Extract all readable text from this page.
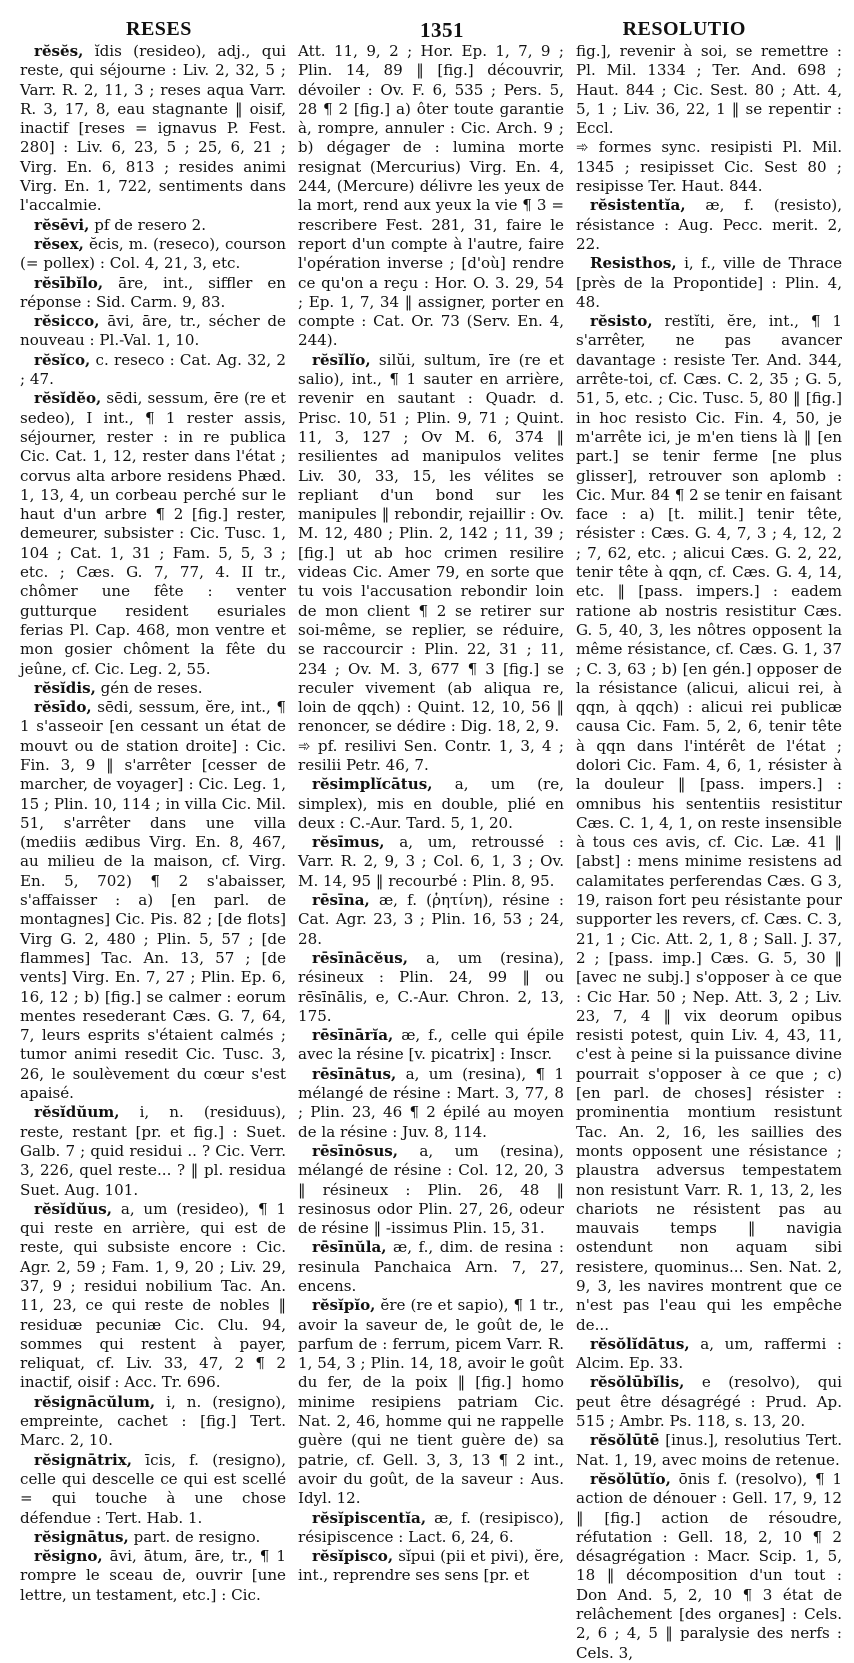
RESES	1351	RESOLUTIO

rĕsĕs, ĭdis (resideo), adj., qui reste, qui séjourne : Liv. 2, 32, 5 ; Varr. R. 2, 11, 3 ; reses aqua Varr. R. 3, 17, 8, eau stagnante ‖ oisif, inactif [reses = ignavus P. Fest. 280] : Liv. 6, 23, 5 ; 25, 6, 21 ; Virg. En. 6, 813 ; resides animi Virg. En. 1, 722, sentiments dans l'accalmie.

rĕsēvi, pf de resero 2.

rĕsex, ĕcis, m. (reseco), courson (= pollex) : Col. 4, 21, 3, etc.

rĕsībĭlo, āre, int., siffler en réponse : Sid. Carm. 9, 83.

rĕsicco, āvi, āre, tr., sécher de nouveau : Pl.-Val. 1, 10.

rĕsĭco, c. reseco : Cat. Ag. 32, 2 ; 47.

rĕsĭdĕo, sēdi, sessum, ēre (re et sedeo), I int., ¶ 1 rester assis, séjourner, rester : in re publica Cic. Cat. 1, 12, rester dans l'état ; corvus alta arbore residens Phæd. 1, 13, 4, un corbeau perché sur le haut d'un arbre ¶ 2 [fig.] rester, demeurer, subsister : Cic. Tusc. 1, 104 ; Cat. 1, 31 ; Fam. 5, 5, 3 ; etc. ; Cæs. G. 7, 77, 4. II tr., chômer une fête : venter gutturque resident esuriales ferias Pl. Cap. 468, mon ventre et mon gosier chôment la fête du jeûne, cf. Cic. Leg. 2, 55.

rĕsĭdis, gén de reses.

rĕsīdo, sēdi, sessum, ĕre, int., ¶ 1 s'asseoir [en cessant un état de mouvt ou de station droite] : Cic. Fin. 3, 9 ‖ s'arrêter [cesser de marcher, de voyager] : Cic. Leg. 1, 15 ; Plin. 10, 114 ; in villa Cic. Mil. 51, s'arrêter dans une villa (mediis ædibus Virg. En. 8, 467, au milieu de la maison, cf. Virg. En. 5, 702) ¶ 2 s'abaisser, s'affaisser : a) [en parl. de montagnes] Cic. Pis. 82 ; [de flots] Virg G. 2, 480 ; Plin. 5, 57 ; [de flammes] Tac. An. 13, 57 ; [de vents] Virg. En. 7, 27 ; Plin. Ep. 6, 16, 12 ; b) [fig.] se calmer : eorum mentes resederant Cæs. G. 7, 64, 7, leurs esprits s'étaient calmés ; tumor animi resedit Cic. Tusc. 3, 26, le soulèvement du cœur s'est apaisé.

rĕsĭdŭum, i, n. (residuus), reste, restant [pr. et fig.] : Suet. Galb. 7 ; quid residui .. ? Cic. Verr. 3, 226, quel reste... ? ‖ pl. residua Suet. Aug. 101.

rĕsĭdŭus, a, um (resideo), ¶ 1 qui reste en arrière, qui est de reste, qui subsiste encore : Cic. Agr. 2, 59 ; Fam. 1, 9, 20 ; Liv. 29, 37, 9 ; residui nobilium Tac. An. 11, 23, ce qui reste de nobles ‖ residuæ pecuniæ Cic. Clu. 94, sommes qui restent à payer, reliquat, cf. Liv. 33, 47, 2 ¶ 2 inactif, oisif : Acc. Tr. 696.

rĕsignācŭlum, i, n. (resigno), empreinte, cachet : [fig.] Tert. Marc. 2, 10.

rĕsignātrix, īcis, f. (resigno), celle qui descelle ce qui est scellé = qui touche à une chose défendue : Tert. Hab. 1.

rĕsignātus, part. de resigno.

rĕsigno, āvi, ātum, āre, tr., ¶ 1 rompre le sceau de, ouvrir [une lettre, un testament, etc.] : Cic.

Att. 11, 9, 2 ; Hor. Ep. 1, 7, 9 ; Plin. 14, 89 ‖ [fig.] découvrir, dévoiler : Ov. F. 6, 535 ; Pers. 5, 28 ¶ 2 [fig.] a) ôter toute garantie à, rompre, annuler : Cic. Arch. 9 ; b) dégager de : lumina morte resignat (Mercurius) Virg. En. 4, 244, (Mercure) délivre les yeux de la mort, rend aux yeux la vie ¶ 3 = rescribere Fest. 281, 31, faire le report d'un compte à l'autre, faire l'opération inverse ; [d'où] rendre ce qu'on a reçu : Hor. O. 3. 29, 54 ; Ep. 1, 7, 34 ‖ assigner, porter en compte : Cat. Or. 73 (Serv. En. 4, 244).

rĕsĭlĭo, silŭi, sultum, īre (re et salio), int., ¶ 1 sauter en arrière, revenir en sautant : Quadr. d. Prisc. 10, 51 ; Plin. 9, 71 ; Quint. 11, 3, 127 ; Ov M. 6, 374 ‖ resilientes ad manipulos velites Liv. 30, 33, 15, les vélites se repliant d'un bond sur les manipules ‖ rebondir, rejaillir : Ov. M. 12, 480 ; Plin. 2, 142 ; 11, 39 ; [fig.] ut ab hoc crimen resilire videas Cic. Amer 79, en sorte que tu vois l'accusation rebondir loin de mon client ¶ 2 se retirer sur soi-même, se replier, se réduire, se raccourcir : Plin. 22, 31 ; 11, 234 ; Ov. M. 3, 677 ¶ 3 [fig.] se reculer vivement (ab aliqua re, loin de qqch) : Quint. 12, 10, 56 ‖ renoncer, se dédire : Dig. 18, 2, 9.

➾ pf. resilivi Sen. Contr. 1, 3, 4 ; resilii Petr. 46, 7.

rĕsimplĭcātus, a, um (re, simplex), mis en double, plié en deux : C.-Aur. Tard. 5, 1, 20.

rĕsīmus, a, um, retroussé : Varr. R. 2, 9, 3 ; Col. 6, 1, 3 ; Ov. M. 14, 95 ‖ recourbé : Plin. 8, 95.

rēsīna, æ, f. (ῥητίνη), résine : Cat. Agr. 23, 3 ; Plin. 16, 53 ; 24, 28.

rēsīnācĕus, a, um (resina), résineux : Plin. 24, 99 ‖ ou rēsīnālis, e, C.-Aur. Chron. 2, 13, 175.

rēsīnārĭa, æ, f., celle qui épile avec la résine [v. picatrix] : Inscr.

rēsīnātus, a, um (resina), ¶ 1 mélangé de résine : Mart. 3, 77, 8 ; Plin. 23, 46 ¶ 2 épilé au moyen de la résine : Juv. 8, 114.

rēsīnōsus, a, um (resina), mélangé de résine : Col. 12, 20, 3 ‖ résineux : Plin. 26, 48 ‖ resinosus odor Plin. 27, 26, odeur de résine ‖ -issimus Plin. 15, 31.

rēsīnŭla, æ, f., dim. de resina : resinula Panchaica Arn. 7, 27, encens.

rĕsĭpĭo, ĕre (re et sapio), ¶ 1 tr., avoir la saveur de, le goût de, le parfum de : ferrum, picem Varr. R. 1, 54, 3 ; Plin. 14, 18, avoir le goût du fer, de la poix ‖ [fig.] homo minime resipiens patriam Cic. Nat. 2, 46, homme qui ne rappelle guère (qui ne tient guère de) sa patrie, cf. Gell. 3, 3, 13 ¶ 2 int., avoir du goût, de la saveur : Aus. Idyl. 12.

rĕsĭpiscentĭa, æ, f. (resipisco), résipiscence : Lact. 6, 24, 6.

rĕsĭpisco, sĭpui (pii et pivi), ĕre, int., reprendre ses sens [pr. et

fig.], revenir à soi, se remettre : Pl. Mil. 1334 ; Ter. And. 698 ; Haut. 844 ; Cic. Sest. 80 ; Att. 4, 5, 1 ; Liv. 36, 22, 1 ‖ se repentir : Eccl.

➾ formes sync. resipisti Pl. Mil. 1345 ; resipisset Cic. Sest 80 ; resipisse Ter. Haut. 844.

rĕsistentĭa, æ, f. (resisto), résistance : Aug. Pecc. merit. 2, 22.

Resisthos, i, f., ville de Thrace [près de la Propontide] : Plin. 4, 48.

rĕsisto, restĭti, ĕre, int., ¶ 1 s'arrêter, ne pas avancer davantage : resiste Ter. And. 344, arrête-toi, cf. Cæs. C. 2, 35 ; G. 5, 51, 5, etc. ; Cic. Tusc. 5, 80 ‖ [fig.] in hoc resisto Cic. Fin. 4, 50, je m'arrête ici, je m'en tiens là ‖ [en part.] se tenir ferme [ne plus glisser], retrouver son aplomb : Cic. Mur. 84 ¶ 2 se tenir en faisant face : a) [t. milit.] tenir tête, résister : Cæs. G. 4, 7, 3 ; 4, 12, 2 ; 7, 62, etc. ; alicui Cæs. G. 2, 22, tenir tête à qqn, cf. Cæs. G. 4, 14, etc. ‖ [pass. impers.] : eadem ratione ab nostris resistitur Cæs. G. 5, 40, 3, les nôtres opposent la même résistance, cf. Cæs. G. 1, 37 ; C. 3, 63 ; b) [en gén.] opposer de la résistance (alicui, alicui rei, à qqn, à qqch) : alicui rei publicæ causa Cic. Fam. 5, 2, 6, tenir tête à qqn dans l'intérêt de l'état ; dolori Cic. Fam. 4, 6, 1, résister à la douleur ‖ [pass. impers.] : omnibus his sententiis resistitur Cæs. C. 1, 4, 1, on reste insensible à tous ces avis, cf. Cic. Læ. 41 ‖ [abst] : mens minime resistens ad calamitates perferendas Cæs. G 3, 19, raison fort peu résistante pour supporter les revers, cf. Cæs. C. 3, 21, 1 ; Cic. Att. 2, 1, 8 ; Sall. J. 37, 2 ; [pass. imp.] Cæs. G. 5, 30 ‖ [avec ne subj.] s'opposer à ce que : Cic Har. 50 ; Nep. Att. 3, 2 ; Liv. 23, 7, 4 ‖ vix deorum opibus resisti potest, quin Liv. 4, 43, 11, c'est à peine si la puissance divine pourrait s'opposer à ce que ; c) [en parl. de choses] résister : prominentia montium resistunt Tac. An. 2, 16, les saillies des monts opposent une résistance ; plaustra adversus tempestatem non resistunt Varr. R. 1, 13, 2, les chariots ne résistent pas au mauvais temps ‖ navigia ostendunt non aquam sibi resistere, quominus... Sen. Nat. 2, 9, 3, les navires montrent que ce n'est pas l'eau qui les empêche de...

rĕsŏlĭdātus, a, um, raffermi : Alcim. Ep. 33.

rĕsŏlūbĭlis, e (resolvo), qui peut être désagrégé : Prud. Ap. 515 ; Ambr. Ps. 118, s. 13, 20.

rĕsŏlūtē [inus.], resolutius Tert. Nat. 1, 19, avec moins de retenue.

rĕsŏlūtĭo, ōnis f. (resolvo), ¶ 1 action de dénouer : Gell. 17, 9, 12 ‖ [fig.] action de résoudre, réfutation : Gell. 18, 2, 10 ¶ 2 désagrégation : Macr. Scip. 1, 5, 18 ‖ décomposition d'un tout : Don And. 5, 2, 10 ¶ 3 état de relâchement [des organes] : Cels. 2, 6 ; 4, 5 ‖ paralysie des nerfs : Cels. 3,
